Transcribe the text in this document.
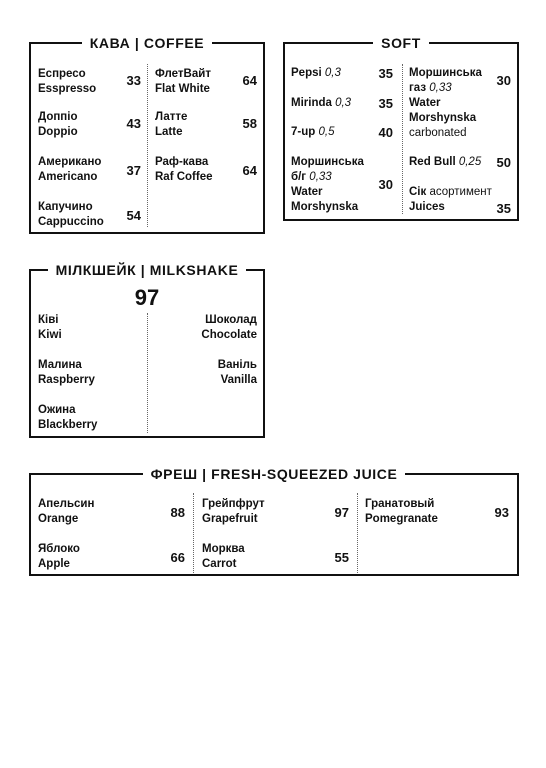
КАВА | COFFEE
Еспресо
Esspresso
33
Доппіо
Doppio
43
Американо
Americano	37
Капучино
Cappuccino	54
ФлетВайт
Flat White
64
Латте
Latte
58
Раф-кава
Raf Coffee	64
SOFT
Pepsi 0,3	35
Mirinda 0,3	35
7-up 0,5	40
Моршинська
б/г 0,33
Water
Morshynska
30
Моршинська
газ 0,33
Water
Morshynska
carbonated
30
Red Bull 0,25	50
Сік асортимент
Juices	35
МІЛКШЕЙК | MILKSHAKE
97
Ківі
Kiwi
Малина
Raspberry
Ожина
Blackberry
Шоколад
Chocolate
Ваніль
Vanilla
ФРЕШ | FRESH-SQUEEZED JUICE
Апельсин
Orange	88
Яблоко
Apple	66
Грейпфрут
Grapefruit	97
Морква
Carrot	55
Гранатовый
Pomegranate	93
